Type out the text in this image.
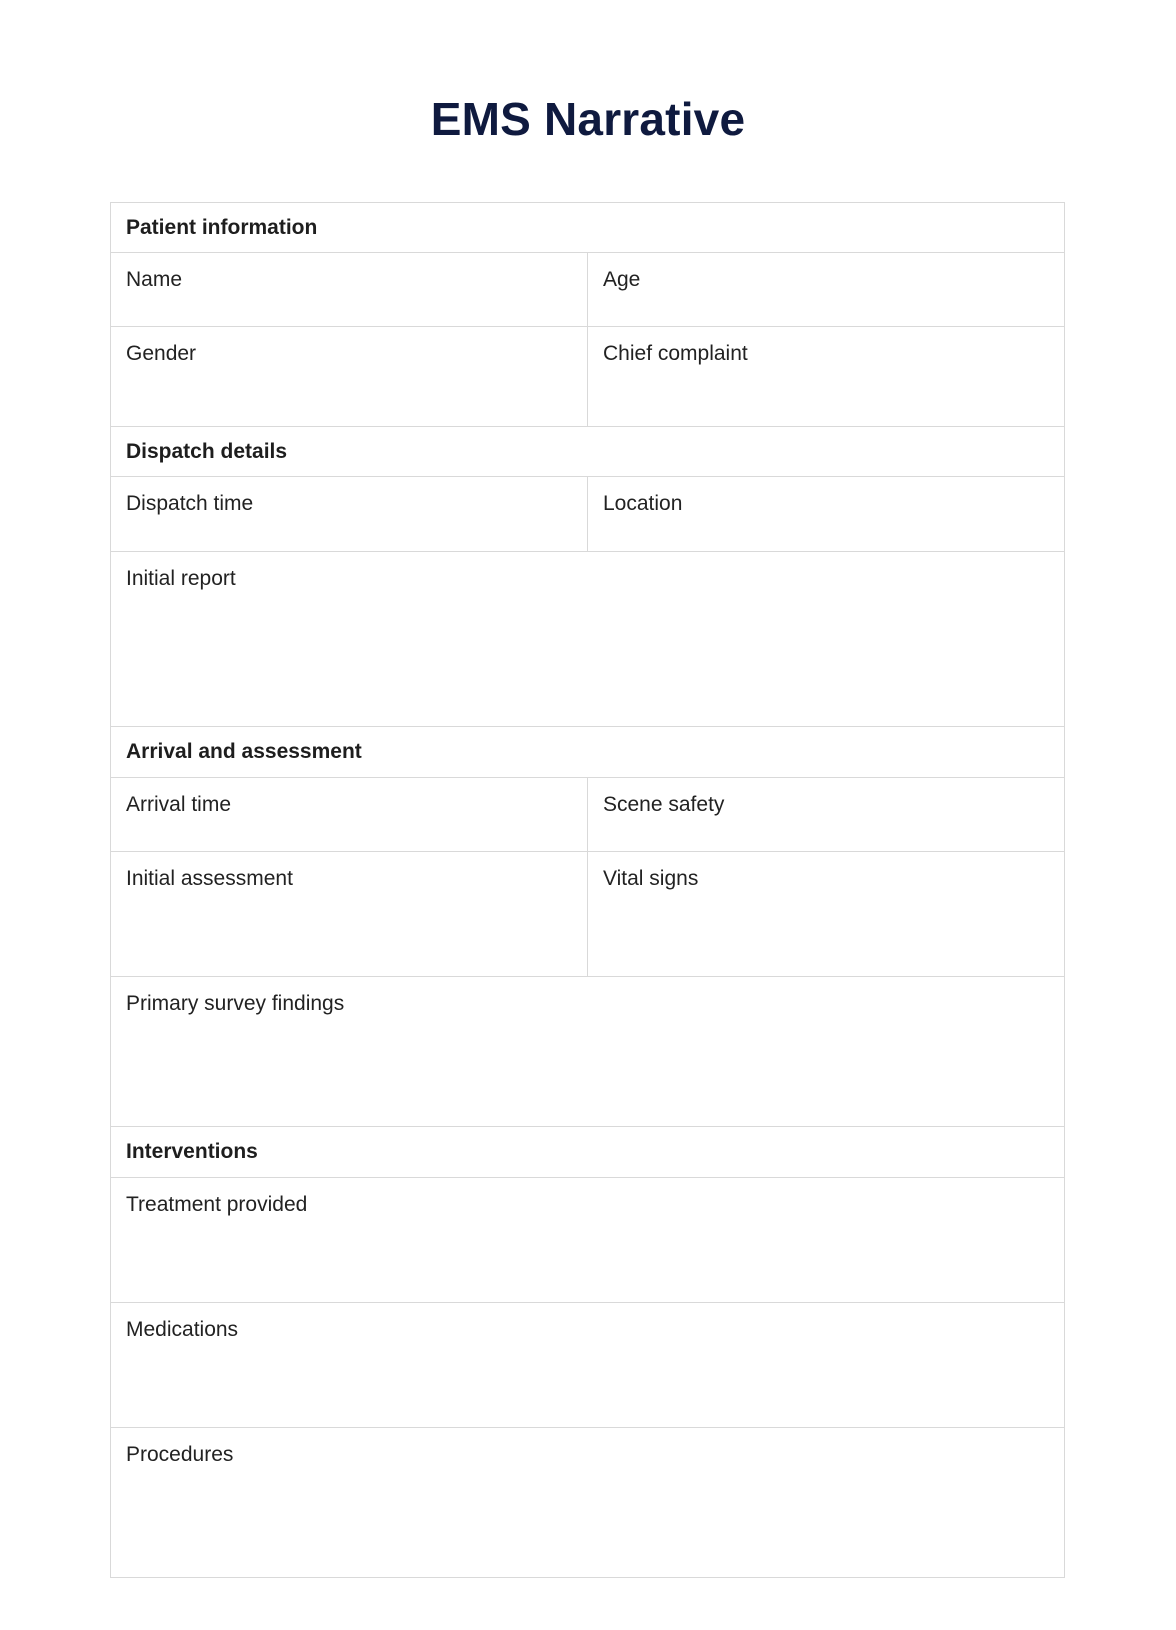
EMS Narrative
Patient information	
Name	Age
Gender	Chief complaint
Dispatch details	
Dispatch time	Location
Initial report	
Arrival and assessment	
Arrival time	Scene safety
Initial assessment	Vital signs
Primary survey findings	
Interventions	
Treatment provided	
Medications	
Procedures	
